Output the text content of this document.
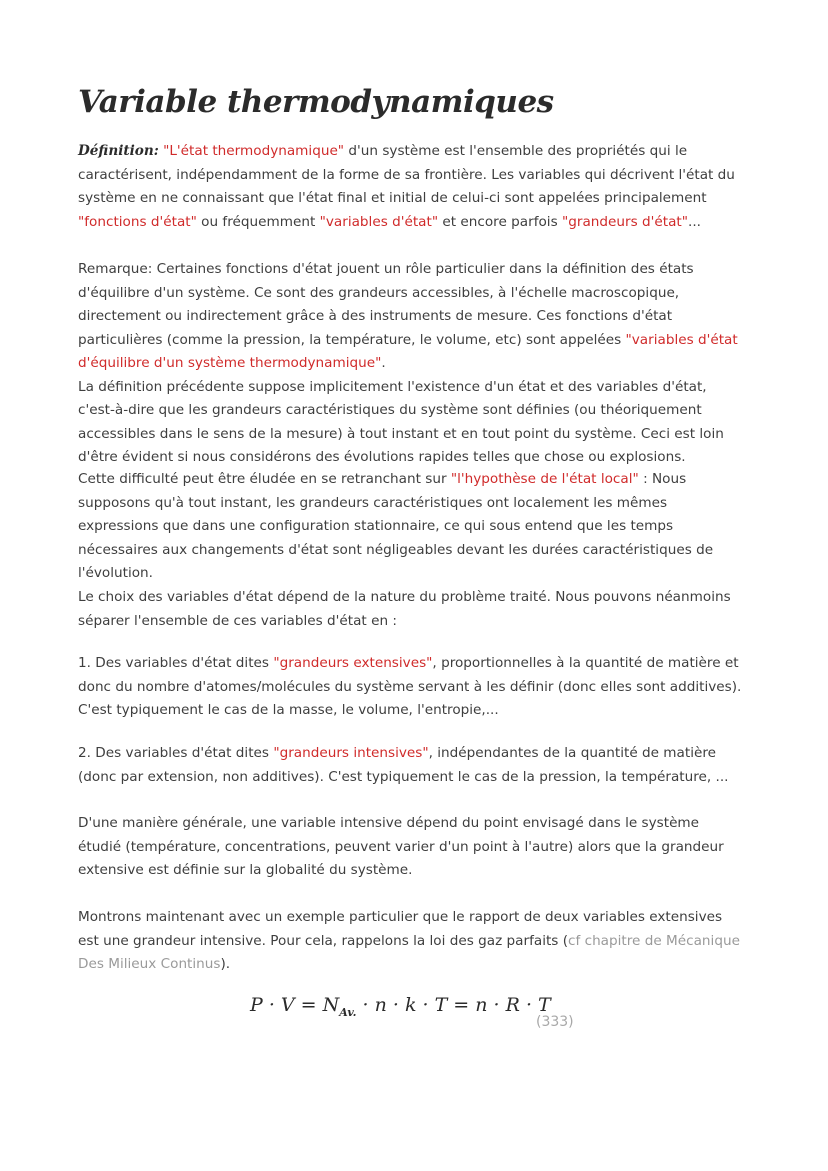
Variable thermodynamiques

Définition: "L'état thermodynamique" d'un système est l'ensemble des propriétés qui le caractérisent, indépendamment de la forme de sa frontière. Les variables qui décrivent l'état du système en ne connaissant que l'état final et initial de celui-ci sont appelées principalement "fonctions d'état" ou fréquemment "variables d'état" et encore parfois "grandeurs d'état"...

Remarque: Certaines fonctions d'état jouent un rôle particulier dans la définition des états d'équilibre d'un système. Ce sont des grandeurs accessibles, à l'échelle macroscopique, directement ou indirectement grâce à des instruments de mesure. Ces fonctions d'état particulières (comme la pression, la température, le volume, etc) sont appelées "variables d'état d'équilibre d'un système thermodynamique".

La définition précédente suppose implicitement l'existence d'un état et des variables d'état, c'est-à-dire que les grandeurs caractéristiques du système sont définies (ou théoriquement accessibles dans le sens de la mesure) à tout instant et en tout point du système. Ceci est loin d'être évident si nous considérons des évolutions rapides telles que chose ou explosions.

Cette difficulté peut être éludée en se retranchant sur "l'hypothèse de l'état local" : Nous supposons qu'à tout instant, les grandeurs caractéristiques ont localement les mêmes expressions que dans une configuration stationnaire, ce qui sous entend que les temps nécessaires aux changements d'état sont négligeables devant les durées caractéristiques de l'évolution.

Le choix des variables d'état dépend de la nature du problème traité. Nous pouvons néanmoins séparer l'ensemble de ces variables d'état en :

1. Des variables d'état dites "grandeurs extensives", proportionnelles à la quantité de matière et donc du nombre d'atomes/molécules du système servant à les définir (donc elles sont additives). C'est typiquement le cas de la masse, le volume, l'entropie,...

2. Des variables d'état dites "grandeurs intensives", indépendantes de la quantité de matière (donc par extension, non additives). C'est typiquement le cas de la pression, la température, ...

D'une manière générale, une variable intensive dépend du point envisagé dans le système étudié (température, concentrations, peuvent varier d'un point à l'autre) alors que la grandeur extensive est définie sur la globalité du système.

Montrons maintenant avec un exemple particulier que le rapport de deux variables extensives est une grandeur intensive. Pour cela, rappelons la loi des gaz parfaits (cf chapitre de Mécanique Des Milieux Continus).

$P \cdot V = N_{Av.} \cdot n \cdot k \cdot T = n \cdot R \cdot T$
(333)
